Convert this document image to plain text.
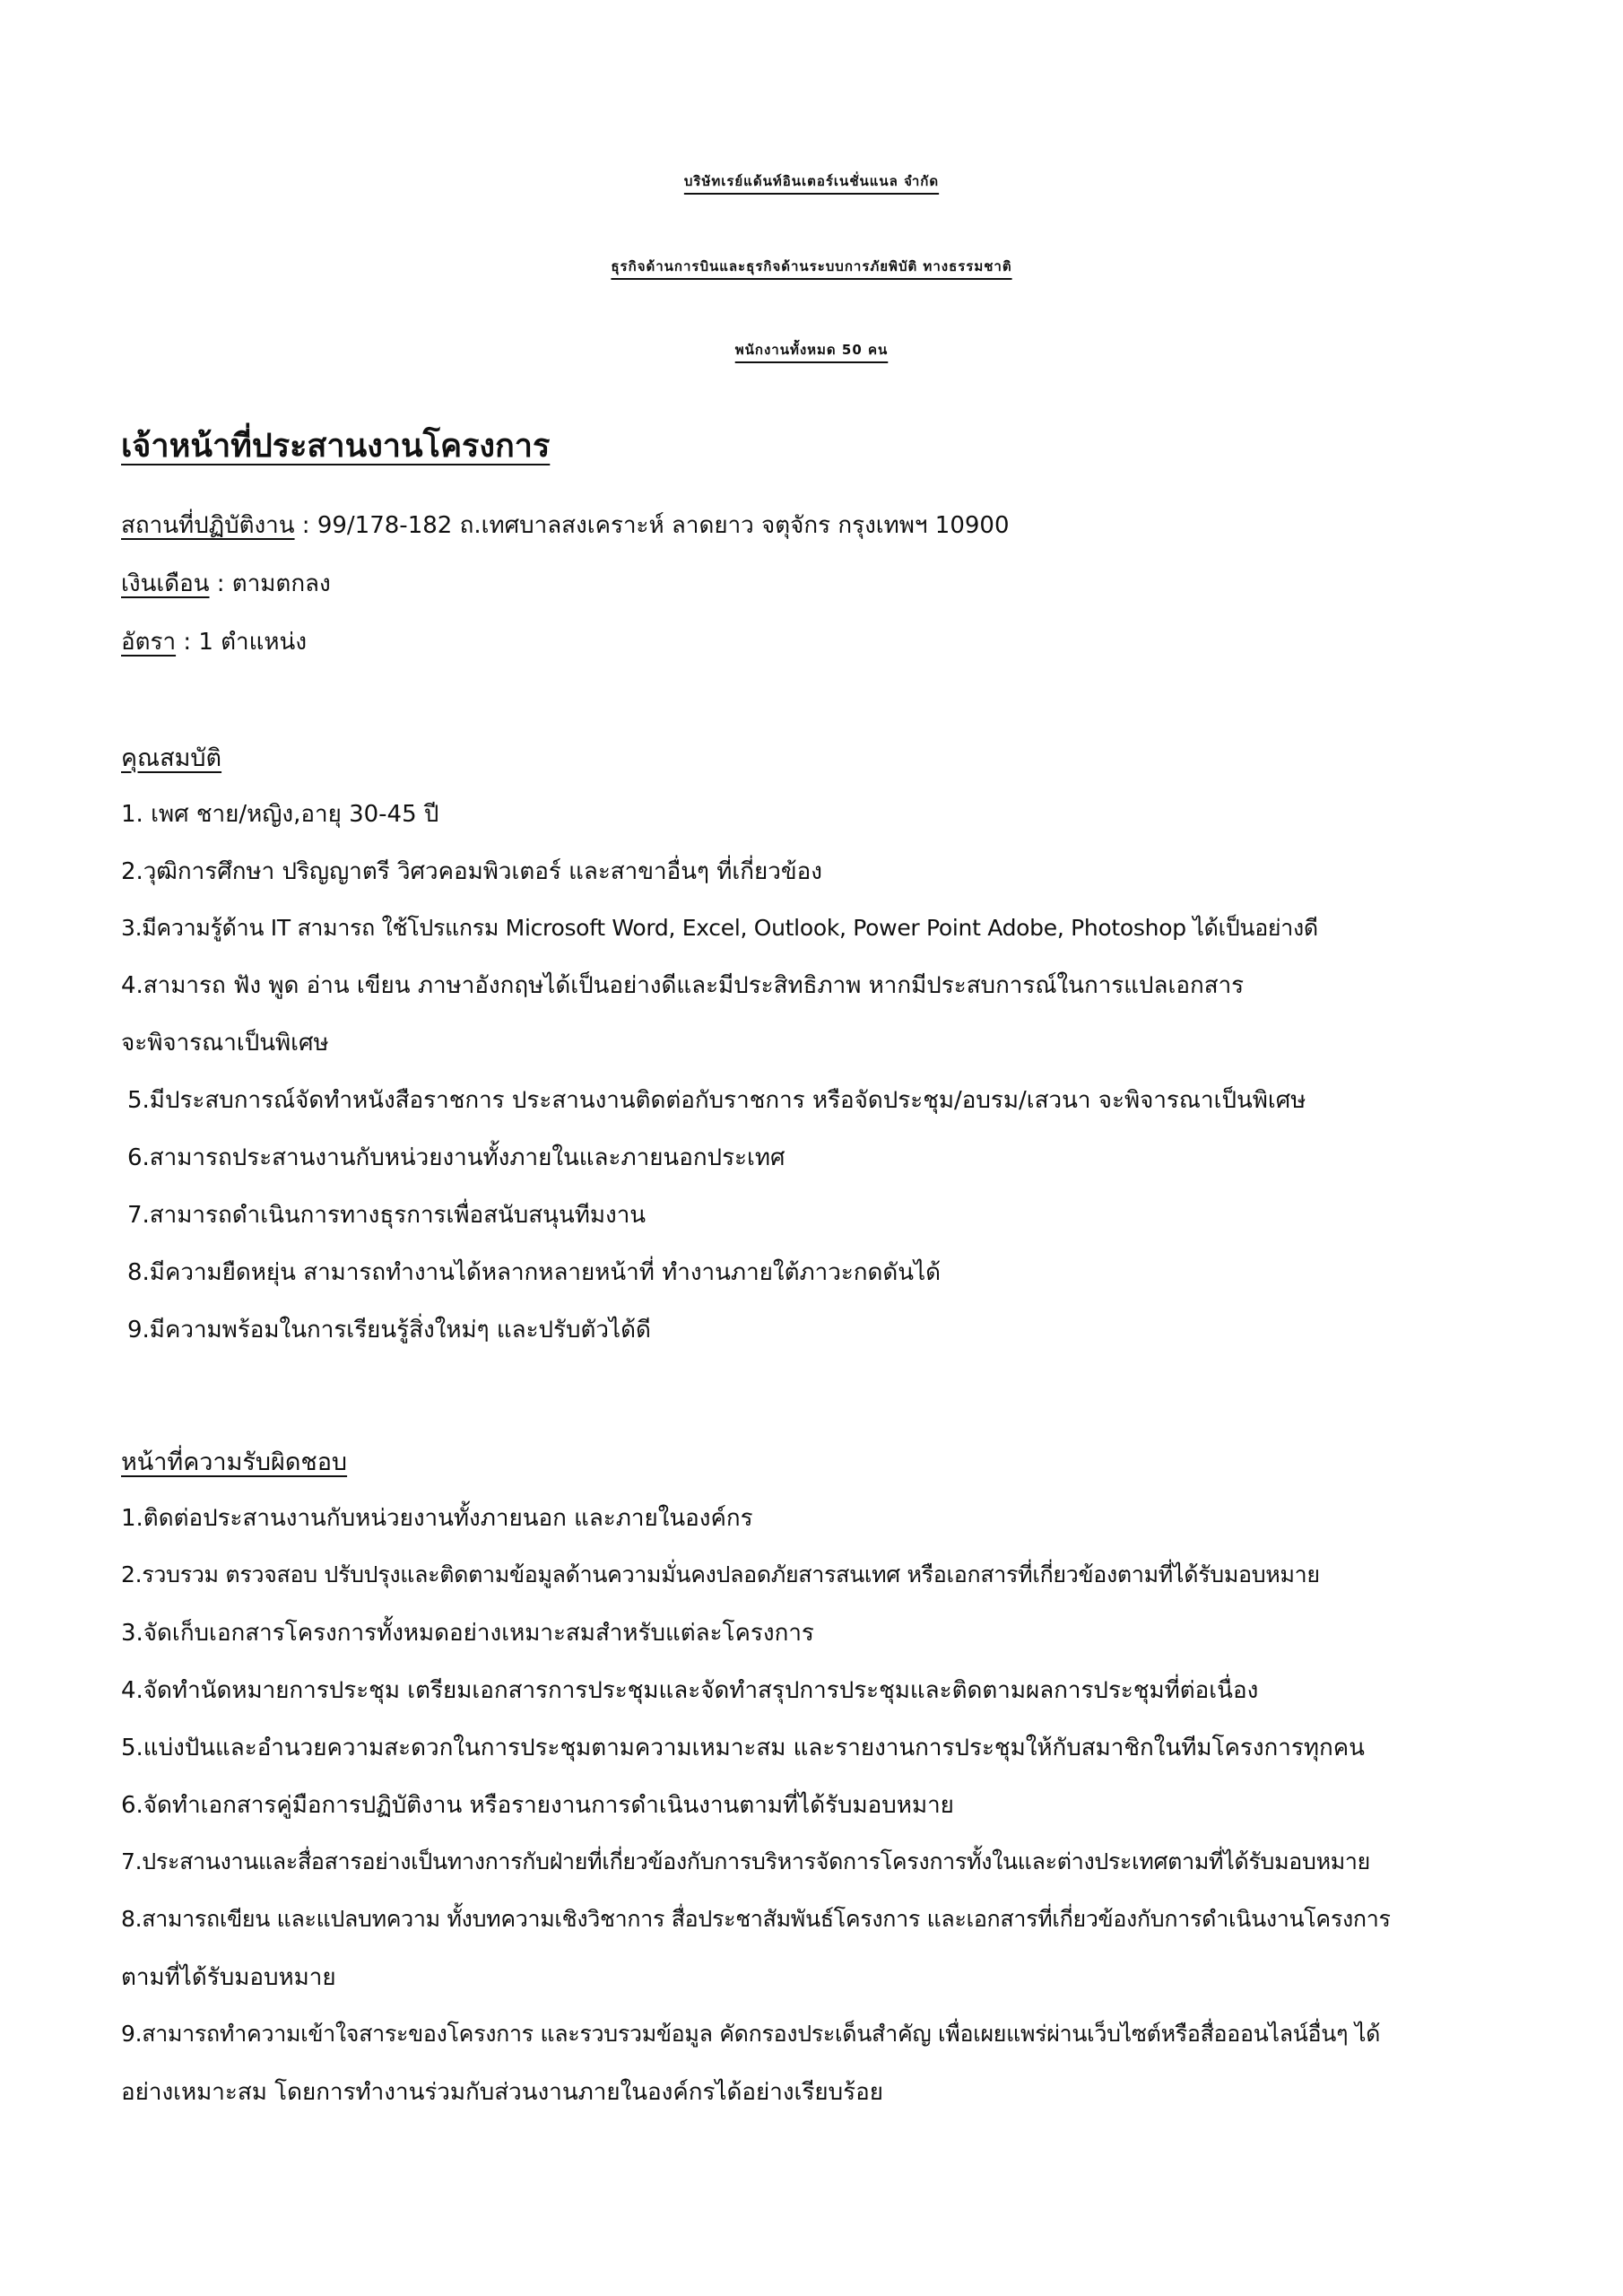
บริษัทเรย์แด้นท์อินเตอร์เนชั่นแนล จำกัด
ธุรกิจด้านการบินและธุรกิจด้านระบบการภัยพิบัติ ทางธรรมชาติ
พนักงานทั้งหมด 50 คน
เจ้าหน้าที่ประสานงานโครงการ
สถานที่ปฏิบัติงาน : 99/178-182 ถ.เทศบาลสงเคราะห์ ลาดยาว จตุจักร กรุงเทพฯ 10900
เงินเดือน : ตามตกลง
อัตรา : 1 ตำแหน่ง
คุณสมบัติ
1. เพศ ชาย/หญิง,อายุ 30-45 ปี
2.วุฒิการศึกษา ปริญญาตรี วิศวคอมพิวเตอร์ และสาขาอื่นๆ ที่เกี่ยวข้อง
3.มีความรู้ด้าน IT สามารถ ใช้โปรแกรม Microsoft Word, Excel, Outlook, Power Point Adobe, Photoshop ได้เป็นอย่างดี
4.สามารถ ฟัง พูด อ่าน เขียน ภาษาอังกฤษได้เป็นอย่างดีและมีประสิทธิภาพ หากมีประสบการณ์ในการแปลเอกสาร
จะพิจารณาเป็นพิเศษ
5.มีประสบการณ์จัดทำหนังสือราชการ ประสานงานติดต่อกับราชการ หรือจัดประชุม/อบรม/เสวนา จะพิจารณาเป็นพิเศษ
6.สามารถประสานงานกับหน่วยงานทั้งภายในและภายนอกประเทศ
7.สามารถดำเนินการทางธุรการเพื่อสนับสนุนทีมงาน
8.มีความยืดหยุ่น สามารถทำงานได้หลากหลายหน้าที่ ทำงานภายใต้ภาวะกดดันได้
9.มีความพร้อมในการเรียนรู้สิ่งใหม่ๆ และปรับตัวได้ดี
หน้าที่ความรับผิดชอบ
1.ติดต่อประสานงานกับหน่วยงานทั้งภายนอก และภายในองค์กร
2.รวบรวม ตรวจสอบ ปรับปรุงและติดตามข้อมูลด้านความมั่นคงปลอดภัยสารสนเทศ หรือเอกสารที่เกี่ยวข้องตามที่ได้รับมอบหมาย
3.จัดเก็บเอกสารโครงการทั้งหมดอย่างเหมาะสมสำหรับแต่ละโครงการ
4.จัดทำนัดหมายการประชุม เตรียมเอกสารการประชุมและจัดทำสรุปการประชุมและติดตามผลการประชุมที่ต่อเนื่อง
5.แบ่งปันและอำนวยความสะดวกในการประชุมตามความเหมาะสม และรายงานการประชุมให้กับสมาชิกในทีมโครงการทุกคน
6.จัดทำเอกสารคู่มือการปฏิบัติงาน หรือรายงานการดำเนินงานตามที่ได้รับมอบหมาย
7.ประสานงานและสื่อสารอย่างเป็นทางการกับฝ่ายที่เกี่ยวข้องกับการบริหารจัดการโครงการทั้งในและต่างประเทศตามที่ได้รับมอบหมาย
8.สามารถเขียน และแปลบทความ ทั้งบทความเชิงวิชาการ สื่อประชาสัมพันธ์โครงการ และเอกสารที่เกี่ยวข้องกับการดำเนินงานโครงการ
ตามที่ได้รับมอบหมาย
9.สามารถทำความเข้าใจสาระของโครงการ และรวบรวมข้อมูล คัดกรองประเด็นสำคัญ เพื่อเผยแพร่ผ่านเว็บไซต์หรือสื่อออนไลน์อื่นๆ ได้
อย่างเหมาะสม โดยการทำงานร่วมกับส่วนงานภายในองค์กรได้อย่างเรียบร้อย
